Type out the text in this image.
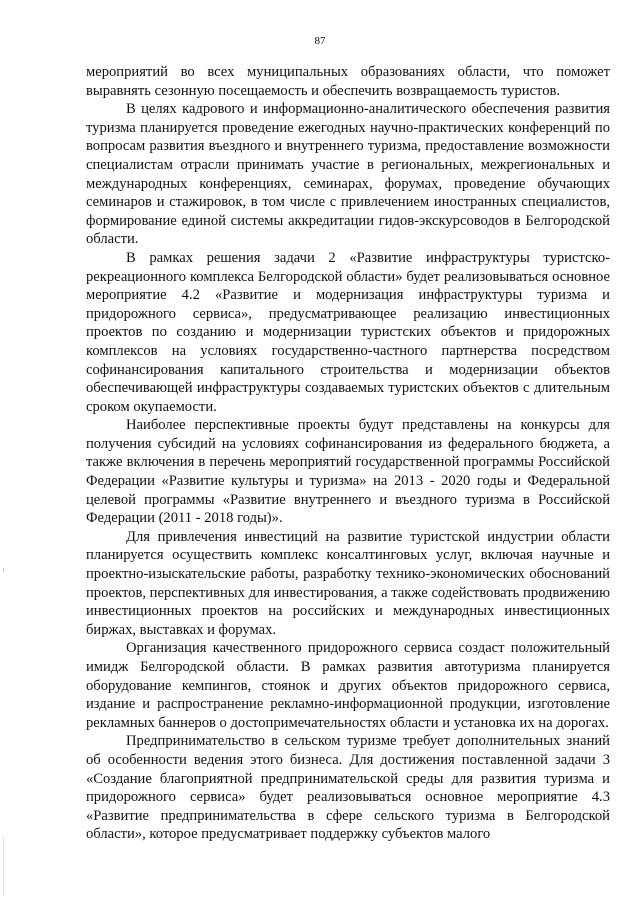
87

мероприятий во всех муниципальных образованиях области, что поможет выравнять сезонную посещаемость и обеспечить возвращаемость туристов.

В целях кадрового и информационно-аналитического обеспечения развития туризма планируется проведение ежегодных научно-практических конференций по вопросам развития въездного и внутреннего туризма, предоставление возможности специалистам отрасли принимать участие в региональных, межрегиональных и международных конференциях, семинарах, форумах, проведение обучающих семинаров и стажировок, в том числе с привлечением иностранных специалистов, формирование единой системы аккредитации гидов-экскурсоводов в Белгородской области.

В рамках решения задачи 2 «Развитие инфраструктуры туристско-рекреационного комплекса Белгородской области» будет реализовываться основное мероприятие 4.2 «Развитие и модернизация инфраструктуры туризма и придорожного сервиса», предусматривающее реализацию инвестиционных проектов по созданию и модернизации туристских объектов и придорожных комплексов на условиях государственно-частного партнерства посредством софинансирования капитального строительства и модернизации объектов обеспечивающей инфраструктуры создаваемых туристских объектов с длительным сроком окупаемости.

Наиболее перспективные проекты будут представлены на конкурсы для получения субсидий на условиях софинансирования из федерального бюджета, а также включения в перечень мероприятий государственной программы Российской Федерации «Развитие культуры и туризма» на 2013 - 2020 годы и Федеральной целевой программы «Развитие внутреннего и въездного туризма в Российской Федерации (2011 - 2018 годы)».

Для привлечения инвестиций на развитие туристской индустрии области планируется осуществить комплекс консалтинговых услуг, включая научные и проектно-изыскательские работы, разработку технико-экономических обоснований проектов, перспективных для инвестирования, а также содействовать продвижению инвестиционных проектов на российских и международных инвестиционных биржах, выставках и форумах.

Организация качественного придорожного сервиса создаст положительный имидж Белгородской области. В рамках развития автотуризма планируется оборудование кемпингов, стоянок и других объектов придорожного сервиса, издание и распространение рекламно-информационной продукции, изготовление рекламных баннеров о достопримечательностях области и установка их на дорогах.

Предпринимательство в сельском туризме требует дополнительных знаний об особенности ведения этого бизнеса. Для достижения поставленной задачи 3 «Создание благоприятной предпринимательской среды для развития туризма и придорожного сервиса» будет реализовываться основное мероприятие 4.3 «Развитие предпринимательства в сфере сельского туризма в Белгородской области», которое предусматривает поддержку субъектов малого
